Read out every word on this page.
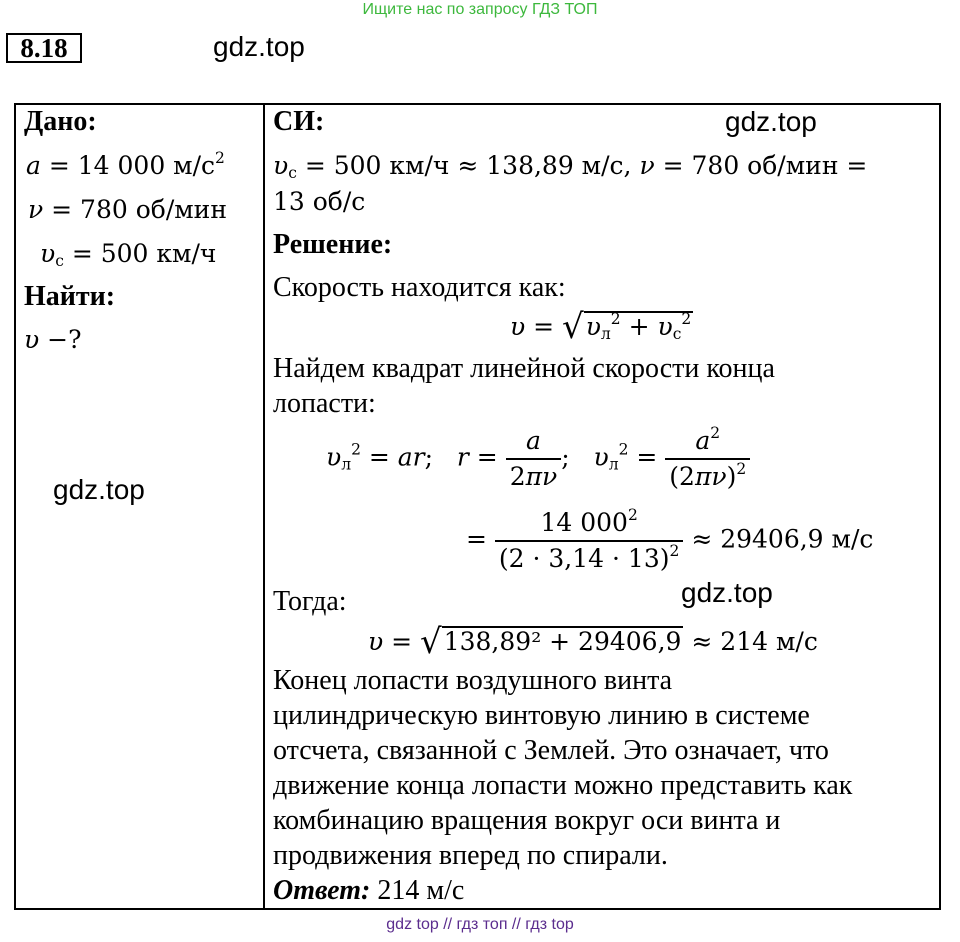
Ищите нас по запросу ГДЗ ТОП
8.18	gdz.top
Дано:
a = 14 000 $м/с^2$
ν = 780 об/мин
$\upsilon_с = 500$ км/ч
Найти:
υ −?
gdz.top
СИ:	gdz.top
$\upsilon_с = 500$ км/ч ≈ 138,89 м/с, ν = 780 об/мин =
13 об/с
Решение:
Скорость находится как:
$\upsilon = √\upsilon_л^2 + \upsilon_с^2$
Найдем квадрат линейной скорости конца
лопасти:
$\upsilon_л^2$ = ar;   $r = \frac{a}{2\pi\nu}$ ;   $\upsilon_л^2 = \frac{a^2}{(2\pi\nu)^2}$
= $\frac{14 000^2}{(2 \cdot 3,14 \cdot 13)^2} \approx 29406,9$ м/с
Тогда:	gdz.top
υ = √138,89² + 29406,9 ≈ 214 м/с
Конец лопасти воздушного винта
цилиндрическую винтовую линию в системе
отсчета, связанной с Землей. Это означает, что
движение конца лопасти можно представить как
комбинацию вращения вокруг оси винта и
продвижения вперед по спирали.
Ответ: 214 м/с
gdz top // гдз топ // гдз top
